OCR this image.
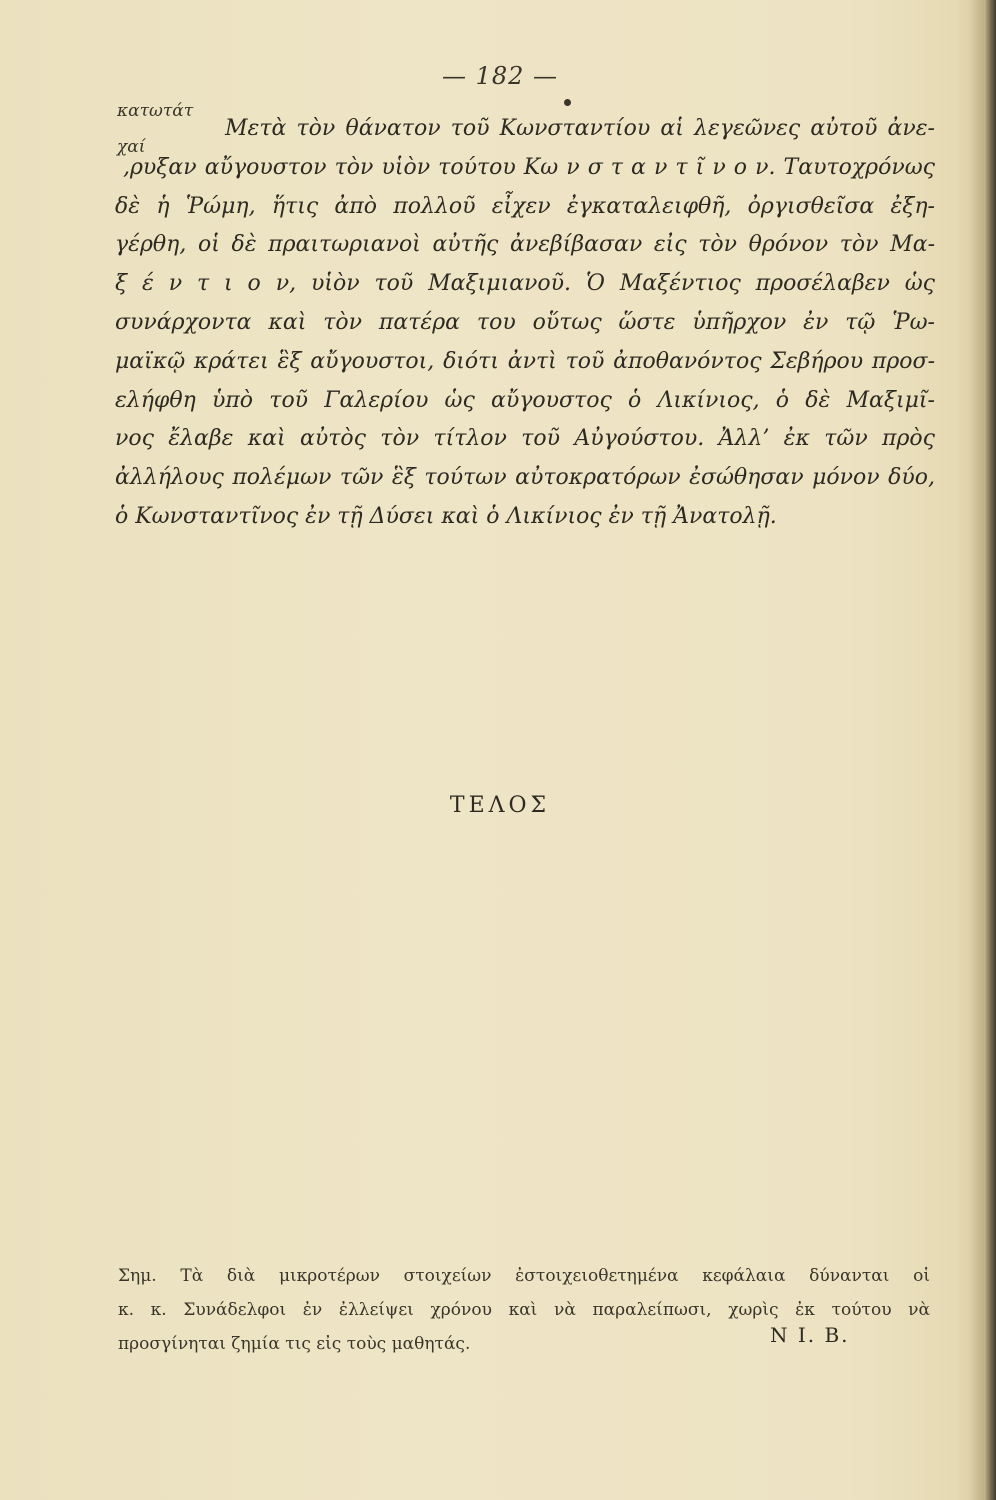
— 182 —
κατωτάτ
χαί
Μετὰ τὸν θάνατον τοῦ Κωνσταντίου αἱ λεγεῶνες αὐτοῦ ἀνε-
,ρυξαν αὔγουστον τὸν υἱὸν τούτου Κω ν σ τ α ν τ ῖ ν ο ν. Ταυτοχρόνως
δὲ ἡ Ῥώμη, ἥτις ἀπὸ πολλοῦ εἶχεν ἐγκαταλειφθῆ, ὀργισθεῖσα ἐξη-
γέρθη, οἱ δὲ πραιτωριανοὶ αὐτῆς ἀνεβίβασαν εἰς τὸν θρόνον τὸν Μα-
ξ έ ν τ ι ο ν, υἱὸν τοῦ Μαξιμιανοῦ. Ὁ Μαξέντιος προσέλαβεν ὡς
συνάρχοντα καὶ τὸν πατέρα του οὕτως ὥστε ὑπῆρχον ἐν τῷ Ῥω-
μαϊκῷ κράτει ἓξ αὔγουστοι, διότι ἀντὶ τοῦ ἀποθανόντος Σεβήρου προσ-
ελήφθη ὑπὸ τοῦ Γαλερίου ὡς αὔγουστος ὁ Λικίνιος, ὁ δὲ Μαξιμῖ-
νος ἔλαβε καὶ αὐτὸς τὸν τίτλον τοῦ Αὐγούστου. Ἀλλ’ ἐκ τῶν πρὸς
ἀλλήλους πολέμων τῶν ἓξ τούτων αὐτοκρατόρων ἐσώθησαν μόνον δύο,
ὁ Κωνσταντῖνος ἐν τῇ Δύσει καὶ ὁ Λικίνιος ἐν τῇ Ἀνατολῇ.
ΤΕΛΟΣ
Σημ. Τὰ διὰ μικροτέρων στοιχείων ἐστοιχειοθετημένα κεφάλαια δύνανται οἱ
κ. κ. Συνάδελφοι ἐν ἐλλείψει χρόνου καὶ νὰ παραλείπωσι, χωρὶς ἐκ τούτου νὰ
προσγίνηται ζημία τις εἰς τοὺς μαθητάς.	Ν Ι. Β.
